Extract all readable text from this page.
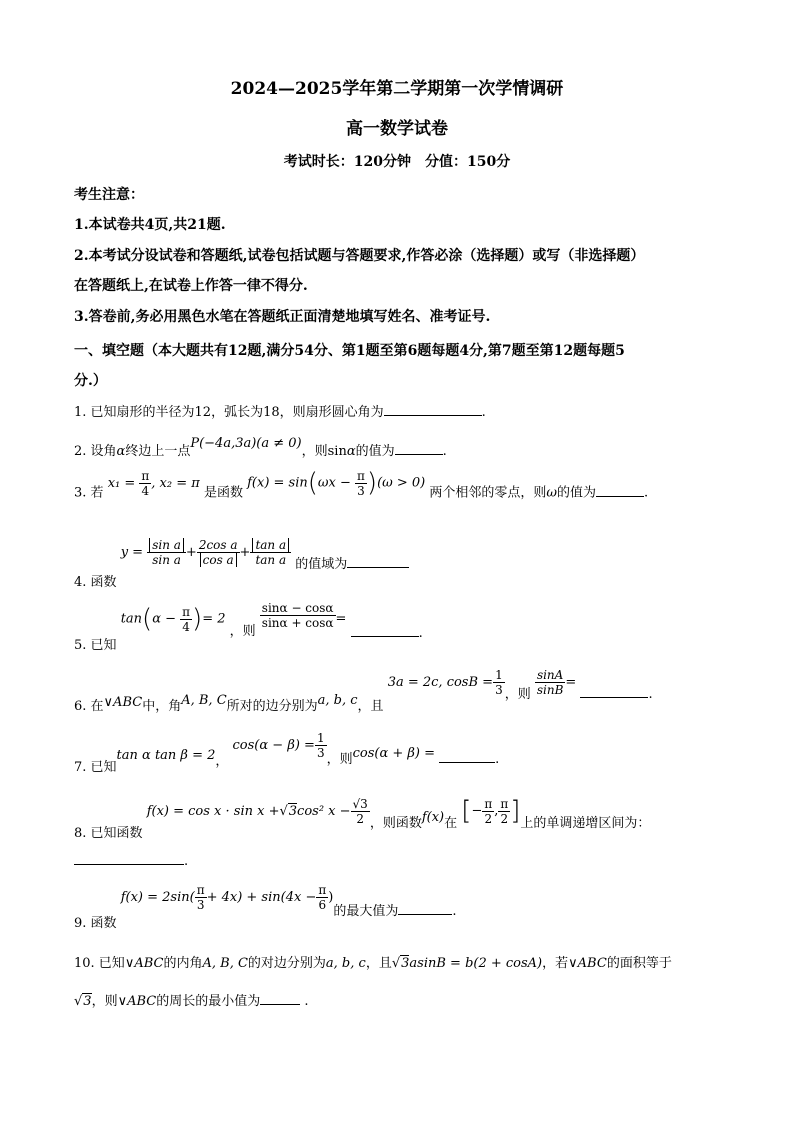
2024—2025学年第二学期第一次学情调研
高一数学试卷
考试时长：120分钟　分值：150分
考生注意：
1.本试卷共4页,共21题.
2.本考试分设试卷和答题纸,试卷包括试题与答题要求,作答必涂（选择题）或写（非选择题）
在答题纸上,在试卷上作答一律不得分.
3.答卷前,务必用黑色水笔在答题纸正面清楚地填写姓名、准考证号.
一、填空题（本大题共有12题,满分54分、第1题至第6题每题4分,第7题至第12题每题5
分.）
1. 已知扇形的半径为12，弧长为18，则扇形圆心角为	.
2. 设角α终边上一点P(−4a,3a)(a ≠ 0)，则sinα的值为	.
3. 若 $x_1 = \frac{\pi}{4}$ , x₂ = π 是函数 $f(x) = \sin(\omega x - \frac{\pi}{3} )(\omega > 0)$ 两个相邻的零点，则ω的值为	.
4. 函数 $y = \frac{\text{sin a}}{\text{sin a}} + \frac{\text{2cos a}}{\text{cos a}} + \frac{\text{tan a}}{\text{tan a}}$ 的值域为
5. 已知 $\tan(\alpha - \frac{\pi}{4}$ )= 2 ，则
$\frac{\sin\alpha - \cos\alpha}{\sin\alpha + \cos\alpha}$ = .
6. 在∨ABC中，角A, B, C所对的边分别为a, b, c，且 3a = 2c, $\cos B = \frac{1}{3}$ ，则 $\frac{\sin A}{\sin B}$ = .
7. 已知tan α tan β = 2， $\cos(\alpha - \beta) = \frac{1}{3}$ ，则cos(α + β) =	.
8. 已知函数 f(x) = cos x · sin x +√3cos² $x - \frac{√3}{2}$ ，则函数f(x)在 [− $\frac{\pi}{2}$ , $\frac{\pi}{2}$ ]上的单调递增区间为：
.
9. 函数 $f(x) = 2\sin( \frac{\pi}{3} + 4x) + \sin(4x - \frac{\pi}{6}$ )的最大值为	.
10. 已知∨ABC的内角A, B, C的对边分别为a, b, c，且√3asinB = b(2 + cosA)，若∨ABC的面积等于
√3，则∨ABC的周长的最小值为	.
